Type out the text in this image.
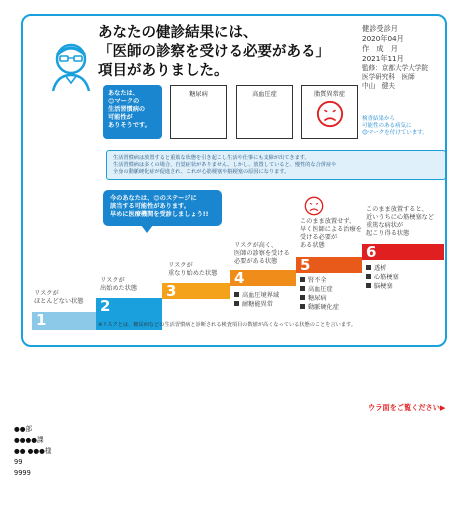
あなたの健診結果には、
「医師の診察を受ける必要がある」
項目がありました。
健診受診月
2020年04月
作　成　月
2021年11月
監修：京都大学大学院
医学研究科　医師
中山　健夫
あなたは、
😊マークの
生活習慣病の
可能性が
ありそうです。
糖尿病	高血圧症	脂質異常症
検査結果から
可能性のある病気に
😊マークを付けています。
生活習慣病は放置すると重篤な状態を引き起こし生活や仕事にも支障が出てきます。
生活習慣病は多くの場合、自覚症状がありません。しかし、放置していると、慢性的な合併症や
全身の動脈硬化症が促進され、これが心筋梗塞や脳梗塞の原因になります。
今のあなたは、😊のステージに
該当する可能性があります。
早めに医療機関を受診しましょう!!
1
リスクが
ほとんどない状態 2
リスクが
出始めた状態 3
リスクが
重なり始めた状態 4
リスクが高く、
医師の診察を受ける
必要がある状態
高血圧境界域
耐糖能異常
5
このまま放置せず、
早く医師による治療を
受ける必要が
ある状態
腎不全
高血圧症
糖尿病
動脈硬化症
6
このまま放置すると、
近いうちに心筋梗塞など
重篤な病状が
起こり得る状態
透析
心筋梗塞
脳梗塞
※リスクとは、糖尿病などの生活習慣病と診断される検査項目の数値が高くなっている状態のことを言います。
ウラ面をご覧ください▶
●●部
●●●●課
●● ●●●様
99
9999
